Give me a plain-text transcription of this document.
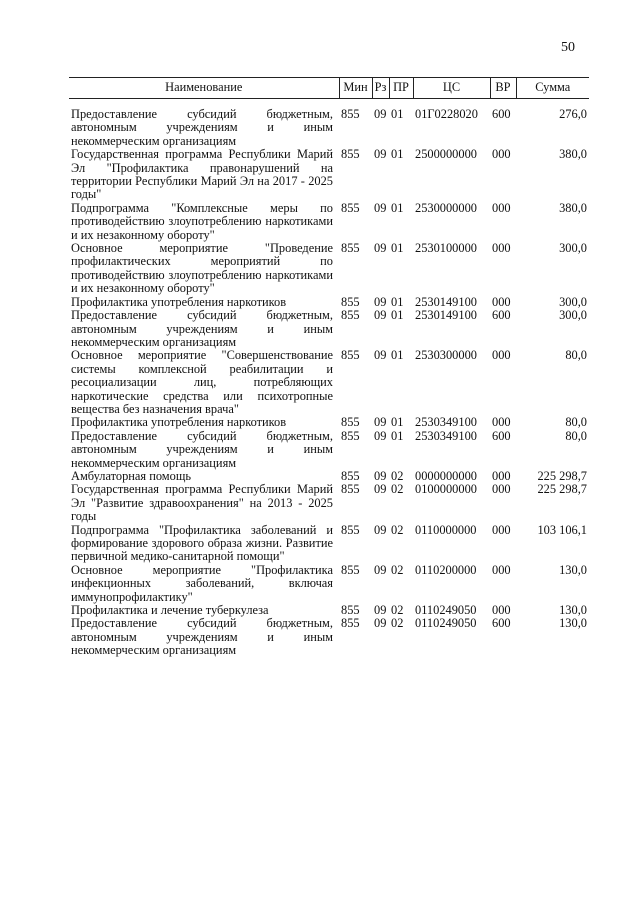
50
Наименование	Мин	Рз	ПР	ЦС	ВР	Сумма
Предоставление субсидий бюджетным, автономным учреждениям и иным некоммерческим организациям	855	09	01	01Г0228020	600	276,0
Государственная программа Республики Марий Эл "Профилактика правонарушений на территории Республики Марий Эл на 2017 - 2025 годы"	855	09	01	2500000000	000	380,0
Подпрограмма "Комплексные меры по противодействию злоупотреблению наркотиками и их незаконному обороту"	855	09	01	2530000000	000	380,0
Основное мероприятие "Проведение профилактических мероприятий по противодействию злоупотреблению наркотиками и их незаконному обороту"	855	09	01	2530100000	000	300,0
Профилактика употребления наркотиков	855	09	01	2530149100	000	300,0
Предоставление субсидий бюджетным, автономным учреждениям и иным некоммерческим организациям	855	09	01	2530149100	600	300,0
Основное мероприятие "Совершенствование системы комплексной реабилитации и ресоциализации лиц, потребляющих наркотические средства или психотропные вещества без назначения врача"	855	09	01	2530300000	000	80,0
Профилактика употребления наркотиков	855	09	01	2530349100	000	80,0
Предоставление субсидий бюджетным, автономным учреждениям и иным некоммерческим организациям	855	09	01	2530349100	600	80,0
Амбулаторная помощь	855	09	02	0000000000	000	225 298,7
Государственная программа Республики Марий Эл "Развитие здравоохранения" на 2013 - 2025 годы	855	09	02	0100000000	000	225 298,7
Подпрограмма "Профилактика заболеваний и формирование здорового образа жизни. Развитие первичной медико-санитарной помощи"	855	09	02	0110000000	000	103 106,1
Основное мероприятие "Профилактика инфекционных заболеваний, включая иммунопрофилактику"	855	09	02	0110200000	000	130,0
Профилактика и лечение туберкулеза	855	09	02	0110249050	000	130,0
Предоставление субсидий бюджетным, автономным учреждениям и иным некоммерческим организациям	855	09	02	0110249050	600	130,0
